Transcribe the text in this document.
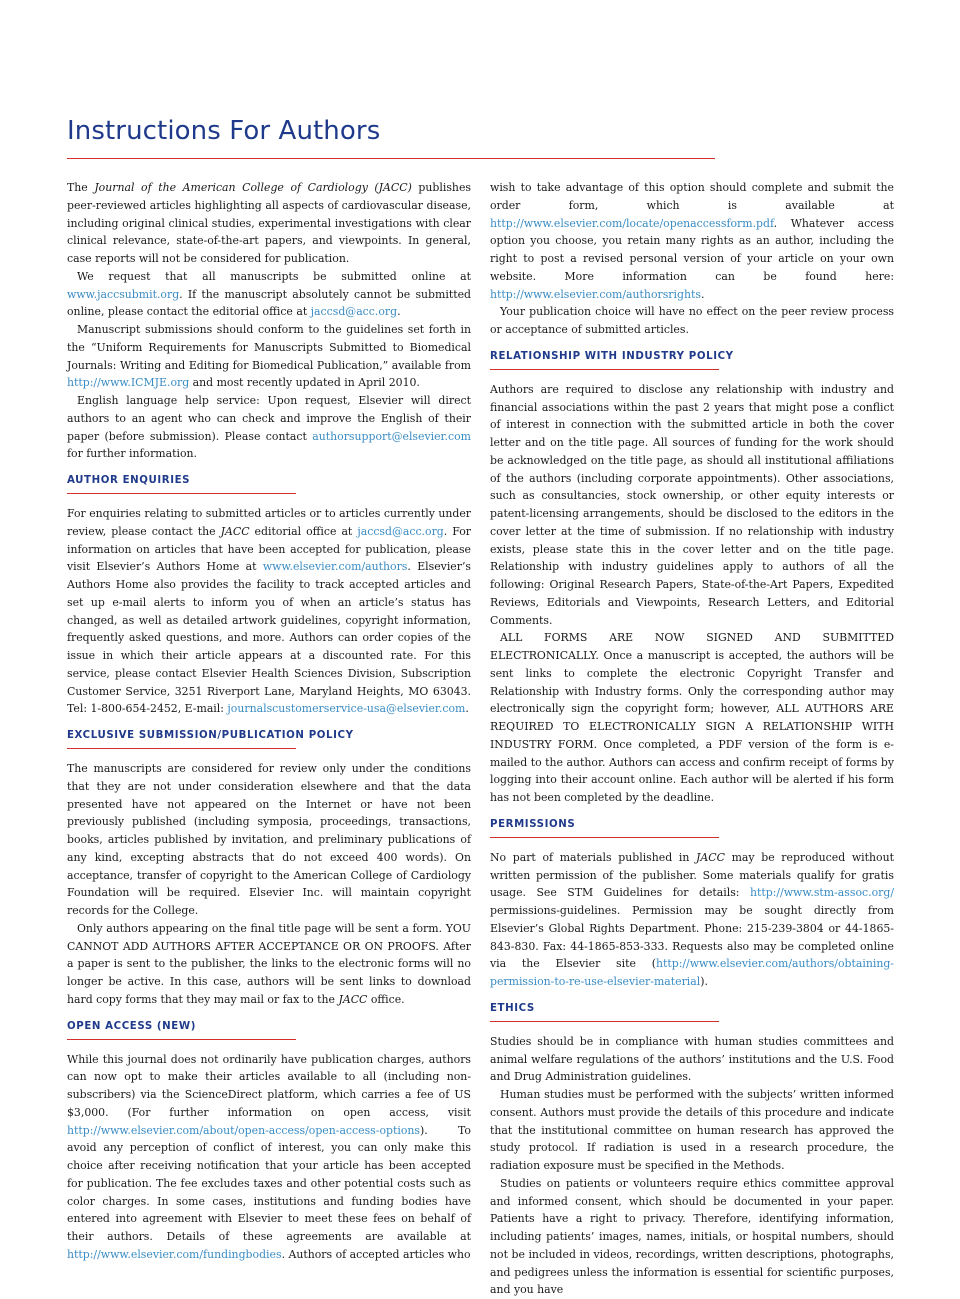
Instructions For Authors

The Journal of the American College of Cardiology (JACC) publishes peer-reviewed articles highlighting all aspects of cardiovascular disease, including original clinical studies, experimental investigations with clear clinical relevance, state-of-the-art papers, and viewpoints. In general, case reports will not be considered for publication.

We request that all manuscripts be submitted online at www.jaccsubmit.org. If the manuscript absolutely cannot be submitted online, please contact the editorial office at jaccsd@acc.org.

Manuscript submissions should conform to the guidelines set forth in the “Uniform Requirements for Manuscripts Submitted to Biomedical Journals: Writing and Editing for Biomedical Publication,” available from http://www.ICMJE.org and most recently updated in April 2010.

English language help service: Upon request, Elsevier will direct authors to an agent who can check and improve the English of their paper (before submission). Please contact authorsupport@elsevier.com for further information.

AUTHOR ENQUIRIES

For enquiries relating to submitted articles or to articles currently under review, please contact the JACC editorial office at jaccsd@acc.org. For information on articles that have been accepted for publication, please visit Elsevier’s Authors Home at www.elsevier.com/authors. Elsevier’s Authors Home also provides the facility to track accepted articles and set up e-mail alerts to inform you of when an article’s status has changed, as well as detailed artwork guidelines, copyright information, frequently asked questions, and more. Authors can order copies of the issue in which their article appears at a discounted rate. For this service, please contact Elsevier Health Sciences Division, Subscription Customer Service, 3251 Riverport Lane, Maryland Heights, MO 63043. Tel: 1-800-654-2452, E-mail: journalscustomerservice-usa@elsevier.com.

EXCLUSIVE SUBMISSION/PUBLICATION POLICY

The manuscripts are considered for review only under the conditions that they are not under consideration elsewhere and that the data presented have not appeared on the Internet or have not been previously published (including symposia, proceedings, transactions, books, articles published by invitation, and preliminary publications of any kind, excepting abstracts that do not exceed 400 words). On acceptance, transfer of copyright to the American College of Cardiology Foundation will be required. Elsevier Inc. will maintain copyright records for the College.

Only authors appearing on the final title page will be sent a form. YOU CANNOT ADD AUTHORS AFTER ACCEPTANCE OR ON PROOFS. After a paper is sent to the publisher, the links to the electronic forms will no longer be active. In this case, authors will be sent links to download hard copy forms that they may mail or fax to the JACC office.

OPEN ACCESS (NEW)

While this journal does not ordinarily have publication charges, authors can now opt to make their articles available to all (including non-subscribers) via the ScienceDirect platform, which carries a fee of US $3,000. (For further information on open access, visit http://www.elsevier.com/about/open-access/open-access-options). To avoid any perception of conflict of interest, you can only make this choice after receiving notification that your article has been accepted for publication. The fee excludes taxes and other potential costs such as color charges. In some cases, institutions and funding bodies have entered into agreement with Elsevier to meet these fees on behalf of their authors. Details of these agreements are available at http://www.elsevier.com/fundingbodies. Authors of accepted articles who

wish to take advantage of this option should complete and submit the order form, which is available at http://www.elsevier.com/locate/openaccessform.pdf. Whatever access option you choose, you retain many rights as an author, including the right to post a revised personal version of your article on your own website. More information can be found here: http://www.elsevier.com/authorsrights.

Your publication choice will have no effect on the peer review process or acceptance of submitted articles.

RELATIONSHIP WITH INDUSTRY POLICY

Authors are required to disclose any relationship with industry and financial associations within the past 2 years that might pose a conflict of interest in connection with the submitted article in both the cover letter and on the title page. All sources of funding for the work should be acknowledged on the title page, as should all institutional affiliations of the authors (including corporate appointments). Other associations, such as consultancies, stock ownership, or other equity interests or patent-licensing arrangements, should be disclosed to the editors in the cover letter at the time of submission. If no relationship with industry exists, please state this in the cover letter and on the title page. Relationship with industry guidelines apply to authors of all the following: Original Research Papers, State-of-the-Art Papers, Expedited Reviews, Editorials and Viewpoints, Research Letters, and Editorial Comments.

ALL FORMS ARE NOW SIGNED AND SUBMITTED ELECTRONICALLY. Once a manuscript is accepted, the authors will be sent links to complete the electronic Copyright Transfer and Relationship with Industry forms. Only the corresponding author may electronically sign the copyright form; however, ALL AUTHORS ARE REQUIRED TO ELECTRONICALLY SIGN A RELATIONSHIP WITH INDUSTRY FORM. Once completed, a PDF version of the form is e-mailed to the author. Authors can access and confirm receipt of forms by logging into their account online. Each author will be alerted if his form has not been completed by the deadline.

PERMISSIONS

No part of materials published in JACC may be reproduced without written permission of the publisher. Some materials qualify for gratis usage. See STM Guidelines for details: http://www.stm-assoc.org/ permissions-guidelines. Permission may be sought directly from Elsevier’s Global Rights Department. Phone: 215-239-3804 or 44-1865-843-830. Fax: 44-1865-853-333. Requests also may be completed online via the Elsevier site (http://www.elsevier.com/authors/obtaining-permission-to-re-use-elsevier-material).

ETHICS

Studies should be in compliance with human studies committees and animal welfare regulations of the authors’ institutions and the U.S. Food and Drug Administration guidelines.

Human studies must be performed with the subjects’ written informed consent. Authors must provide the details of this procedure and indicate that the institutional committee on human research has approved the study protocol. If radiation is used in a research procedure, the radiation exposure must be specified in the Methods.

Studies on patients or volunteers require ethics committee approval and informed consent, which should be documented in your paper. Patients have a right to privacy. Therefore, identifying information, including patients’ images, names, initials, or hospital numbers, should not be included in videos, recordings, written descriptions, photographs, and pedigrees unless the information is essential for scientific purposes, and you have
